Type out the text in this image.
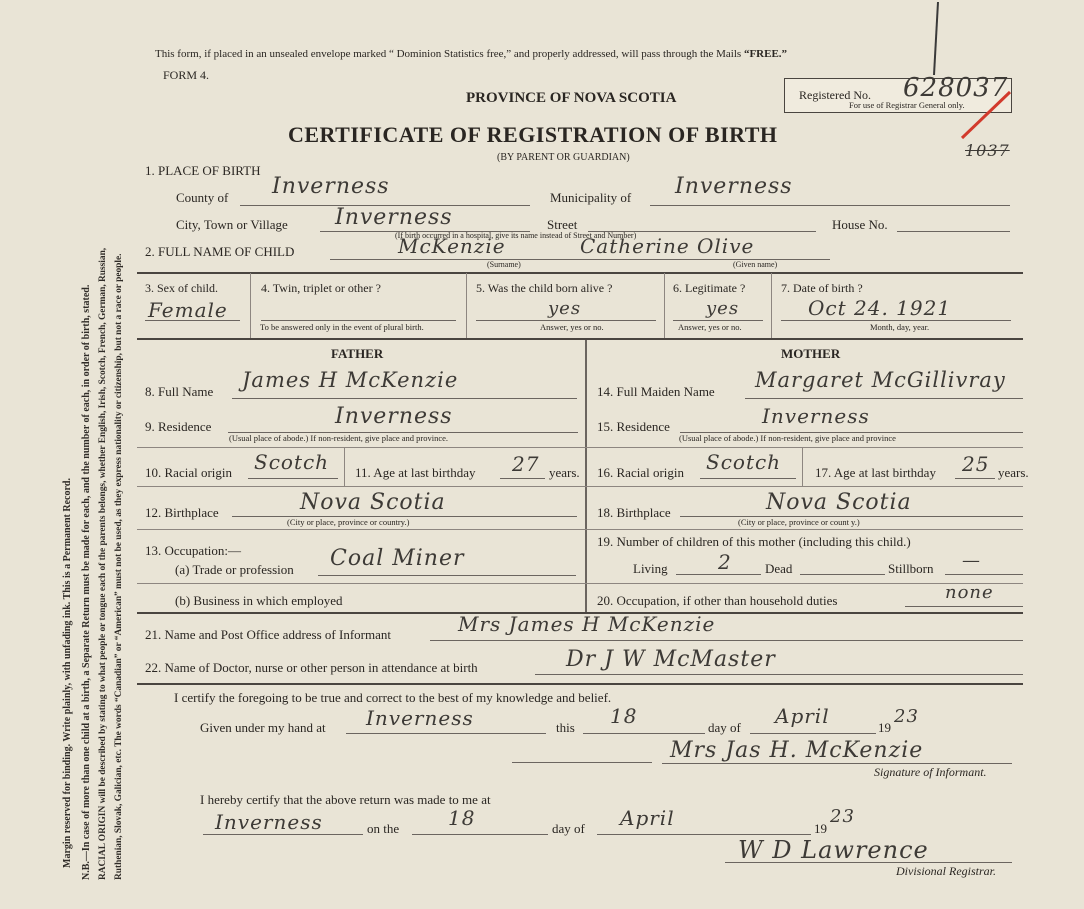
Margin reserved for binding. Write plainly, with unfading ink. This is a Permanent Record. N.B.—In case of more than one child at a birth, a Separate Return must be made for each, and the number of each, in order of birth, stated. RACIAL ORIGIN will be described by stating to what people or tongue each of the parents belongs, whether English, Irish, Scotch, French, German, Russian, Ruthenian, Slovak, Galician, etc. The words “Canadian” or “American” must not be used, as they express nationality or citizenship, but not a race or people.
This form, if placed in an unsealed envelope marked “ Dominion Statistics free,” and properly addressed, will pass through the Mails “FREE.”
FORM 4.
PROVINCE OF NOVA SCOTIA
CERTIFICATE OF REGISTRATION OF BIRTH
(BY PARENT OR GUARDIAN)
Registered No. 628037
For use of Registrar General only.
1037
1. PLACE OF BIRTH
County of Inverness	Municipality of Inverness
City, Town or Village Inverness	Street	House No.
(If birth occurred in a hospital, give its name instead of Street and Number)
2. FULL NAME OF CHILD	McKenzie	Catherine Olive
(Surname)	(Given name)
3. Sex of child.
Female
4. Twin, triplet or other ?
To be answered only in the event of plural birth.
5. Was the child born alive ?
yes
Answer, yes or no.
6. Legitimate ?
yes
Answer, yes or no.
7. Date of birth ?
Oct 24. 1921
Month, day, year.
FATHER	MOTHER
8. Full Name James H McKenzie	14. Full Maiden Name Margaret McGillivray
9. Residence	Inverness
(Usual place of abode.) If non-resident, give place and province.
15. Residence	Inverness
(Usual place of abode.) If non-resident, give place and province
10. Racial origin Scotch 11. Age at last birthday 27 years. 16. Racial origin Scotch	17. Age at last birthday 25 years.
12. Birthplace	Nova Scotia
(City or place, province or country.)
18. Birthplace	Nova Scotia
(City or place, province or count y.)
13. Occupation:—
(a) Trade or profession Coal Miner
19. Number of children of this mother (including this child.)
Living	2	Dead	Stillborn —
(b) Business in which employed	20. Occupation, if other than household duties	none
21. Name and Post Office address of Informant	Mrs James H McKenzie
22. Name of Doctor, nurse or other person in attendance at birth	Dr J W McMaster
I certify the foregoing to be true and correct to the best of my knowledge and belief.
Given under my hand at Inverness	this 18	day of April	19
23
Mrs Jas H. McKenzie
Signature of Informant.
I hereby certify that the above return was made to me at
Inverness	on the 18	day of April	19
23
W D Lawrence
Divisional Registrar.
